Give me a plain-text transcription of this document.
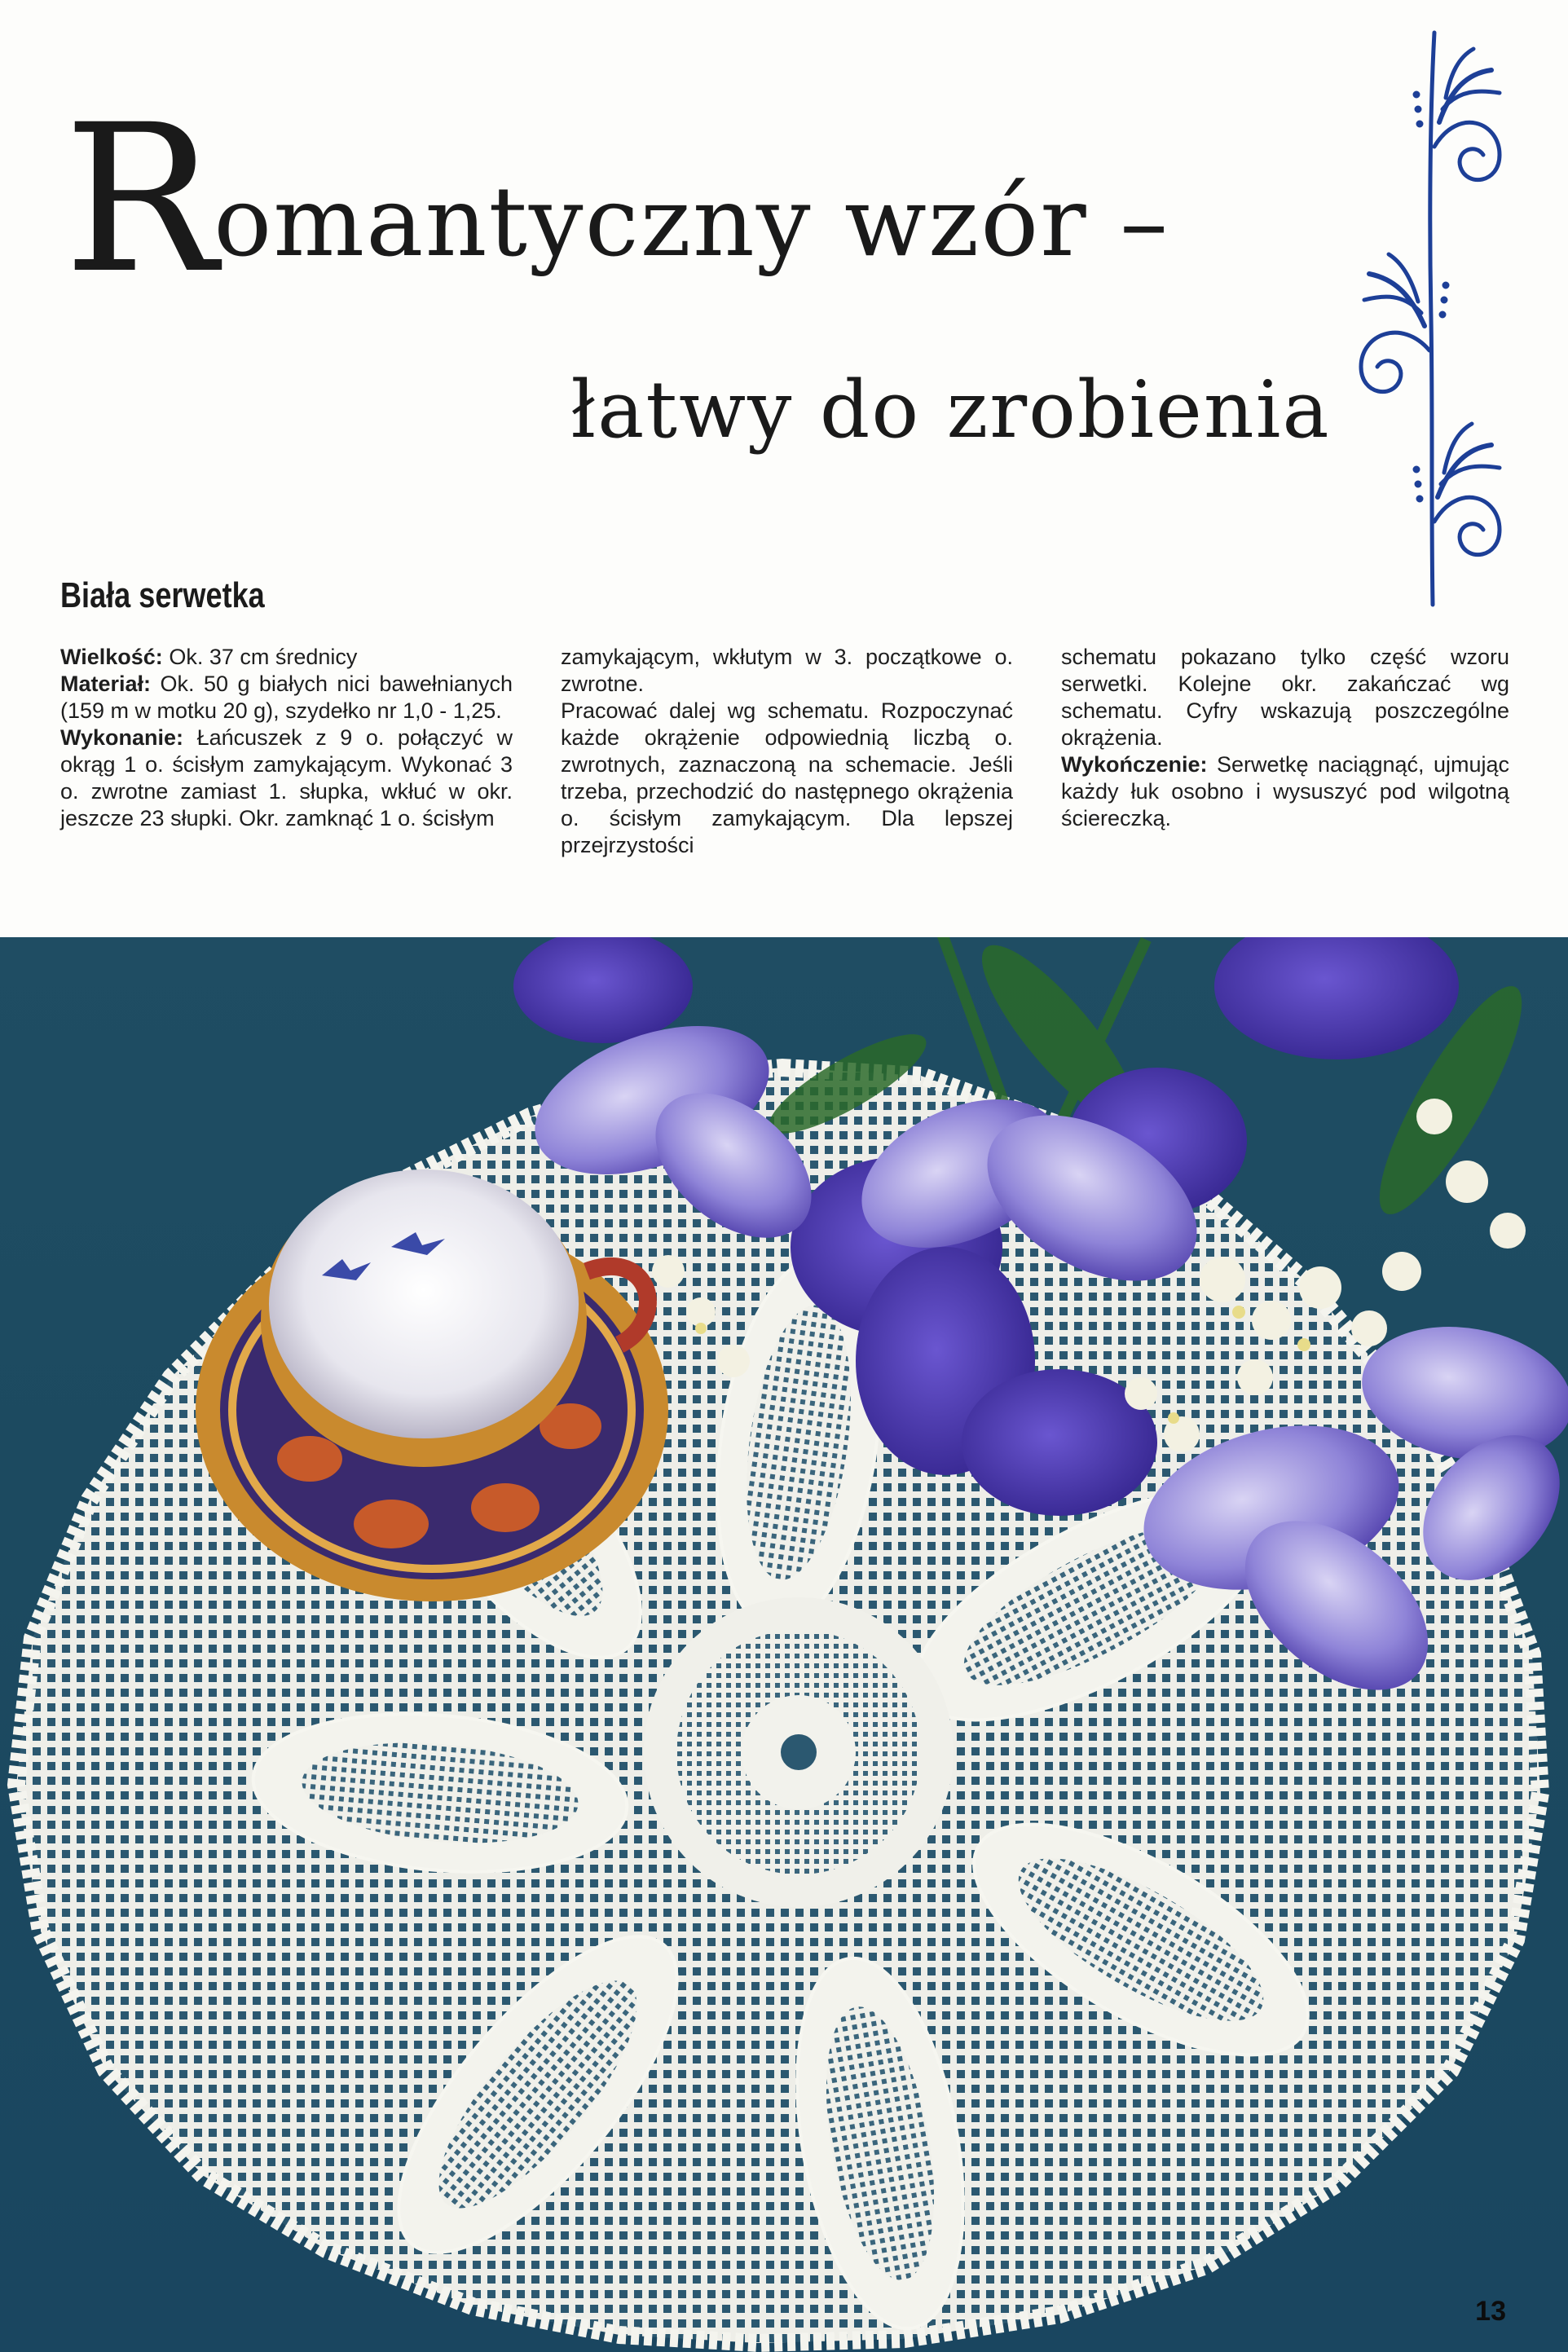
Romantyczny wzór –
łatwy do zrobienia
Biała serwetka

Wielkość: Ok. 37 cm średnicy

Materiał: Ok. 50 g białych nici bawełnianych (159 m w motku 20 g), szydełko nr 1,0 - 1,25.

Wykonanie: Łańcuszek z 9 o. połączyć w okrąg 1 o. ścisłym zamykającym. Wykonać 3 o. zwrotne zamiast 1. słupka, wkłuć w okr. jeszcze 23 słupki. Okr. zamknąć 1 o. ścisłym

zamykającym, wkłutym w 3. początkowe o. zwrotne.

Pracować dalej wg schematu. Rozpoczynać każde okrążenie odpowiednią liczbą o. zwrotnych, zaznaczoną na schemacie. Jeśli trzeba, przechodzić do następnego okrążenia o. ścisłym zamykającym. Dla lepszej przejrzystości

schematu pokazano tylko część wzoru serwetki. Kolejne okr. zakańczać wg schematu. Cyfry wskazują poszczególne okrążenia.

Wykończenie: Serwetkę naciągnąć, ujmując każdy łuk osobno i wysuszyć pod wilgotną ściereczką.

13
